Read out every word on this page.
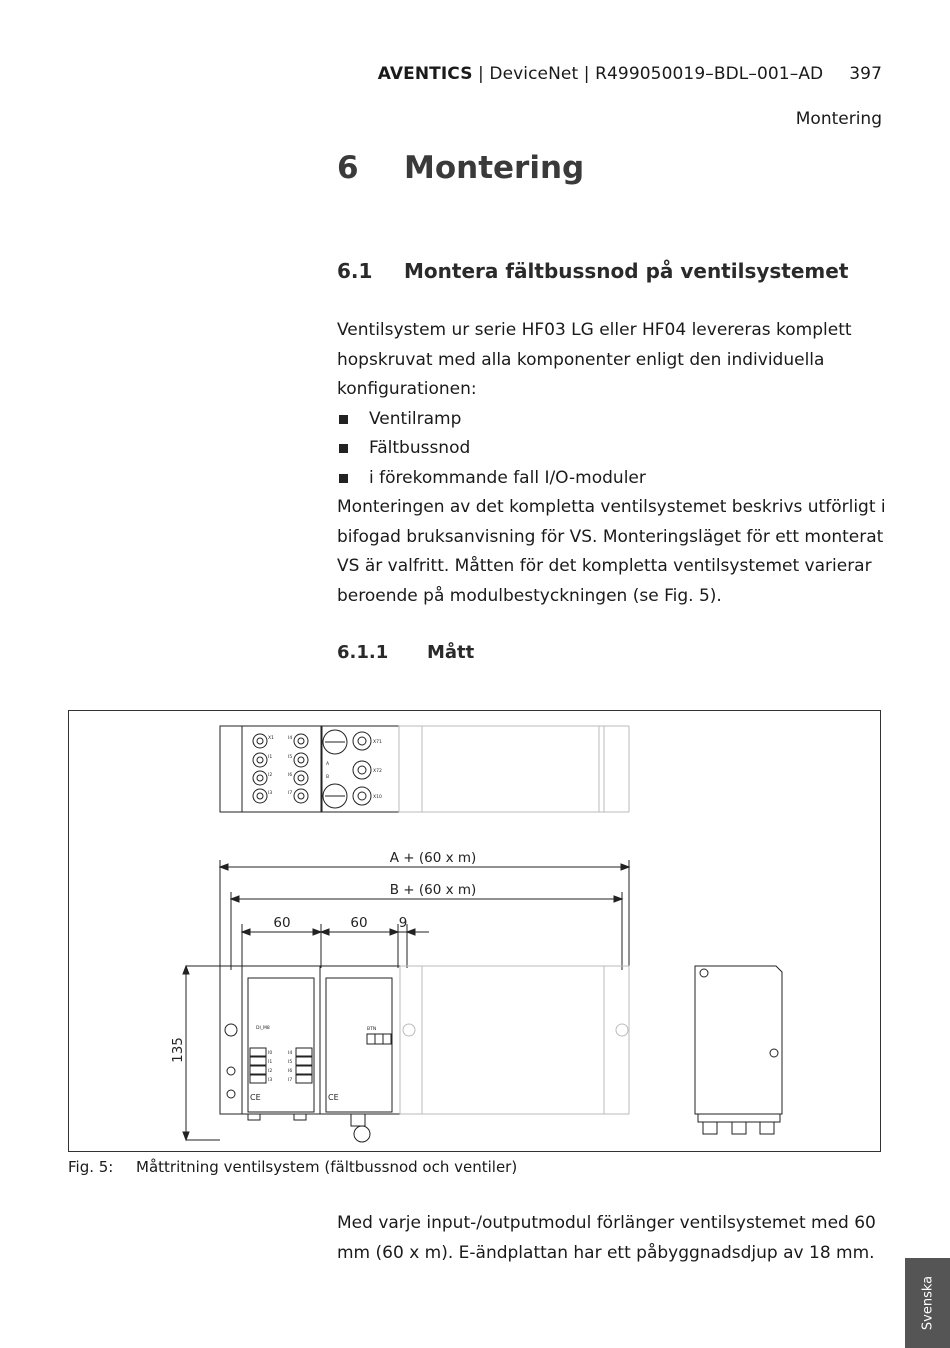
AVENTICS | DeviceNet | R499050019–BDL–001–AD 397
Montering
6 Montering
6.1 Montera fältbussnod på ventilsystemet

Ventilsystem ur serie HF03 LG eller HF04 levereras komplett hopskruvat med alla komponenter enligt den individuella konfigurationen:

Ventilramp
Fältbussnod
i förekommande fall I/O-moduler

Monteringen av det kompletta ventilsystemet beskrivs utförligt i bifogad bruksanvisning för VS. Monteringsläget för ett monterat VS är valfritt. Måtten för det kompletta ventilsystemet varierar beroende på modulbestyckningen (se Fig. 5).

6.1.1 Mått
X1
I1
I2
I3
I4
I5
I6
I7
X71
X72
X10
A
B
DI_M8	BTN
I0
I1
I2
I3
I4
I5
I6
I7
CE	CE
A + (60 x m)
B + (60 x m)
60	60 9
135
Fig. 5: Måttritning ventilsystem (fältbussnod och ventiler)

Med varje input-/outputmodul förlänger ventilsystemet med 60 mm (60 x m). E-ändplattan har ett påbyggnadsdjup av 18 mm.

Svenska
